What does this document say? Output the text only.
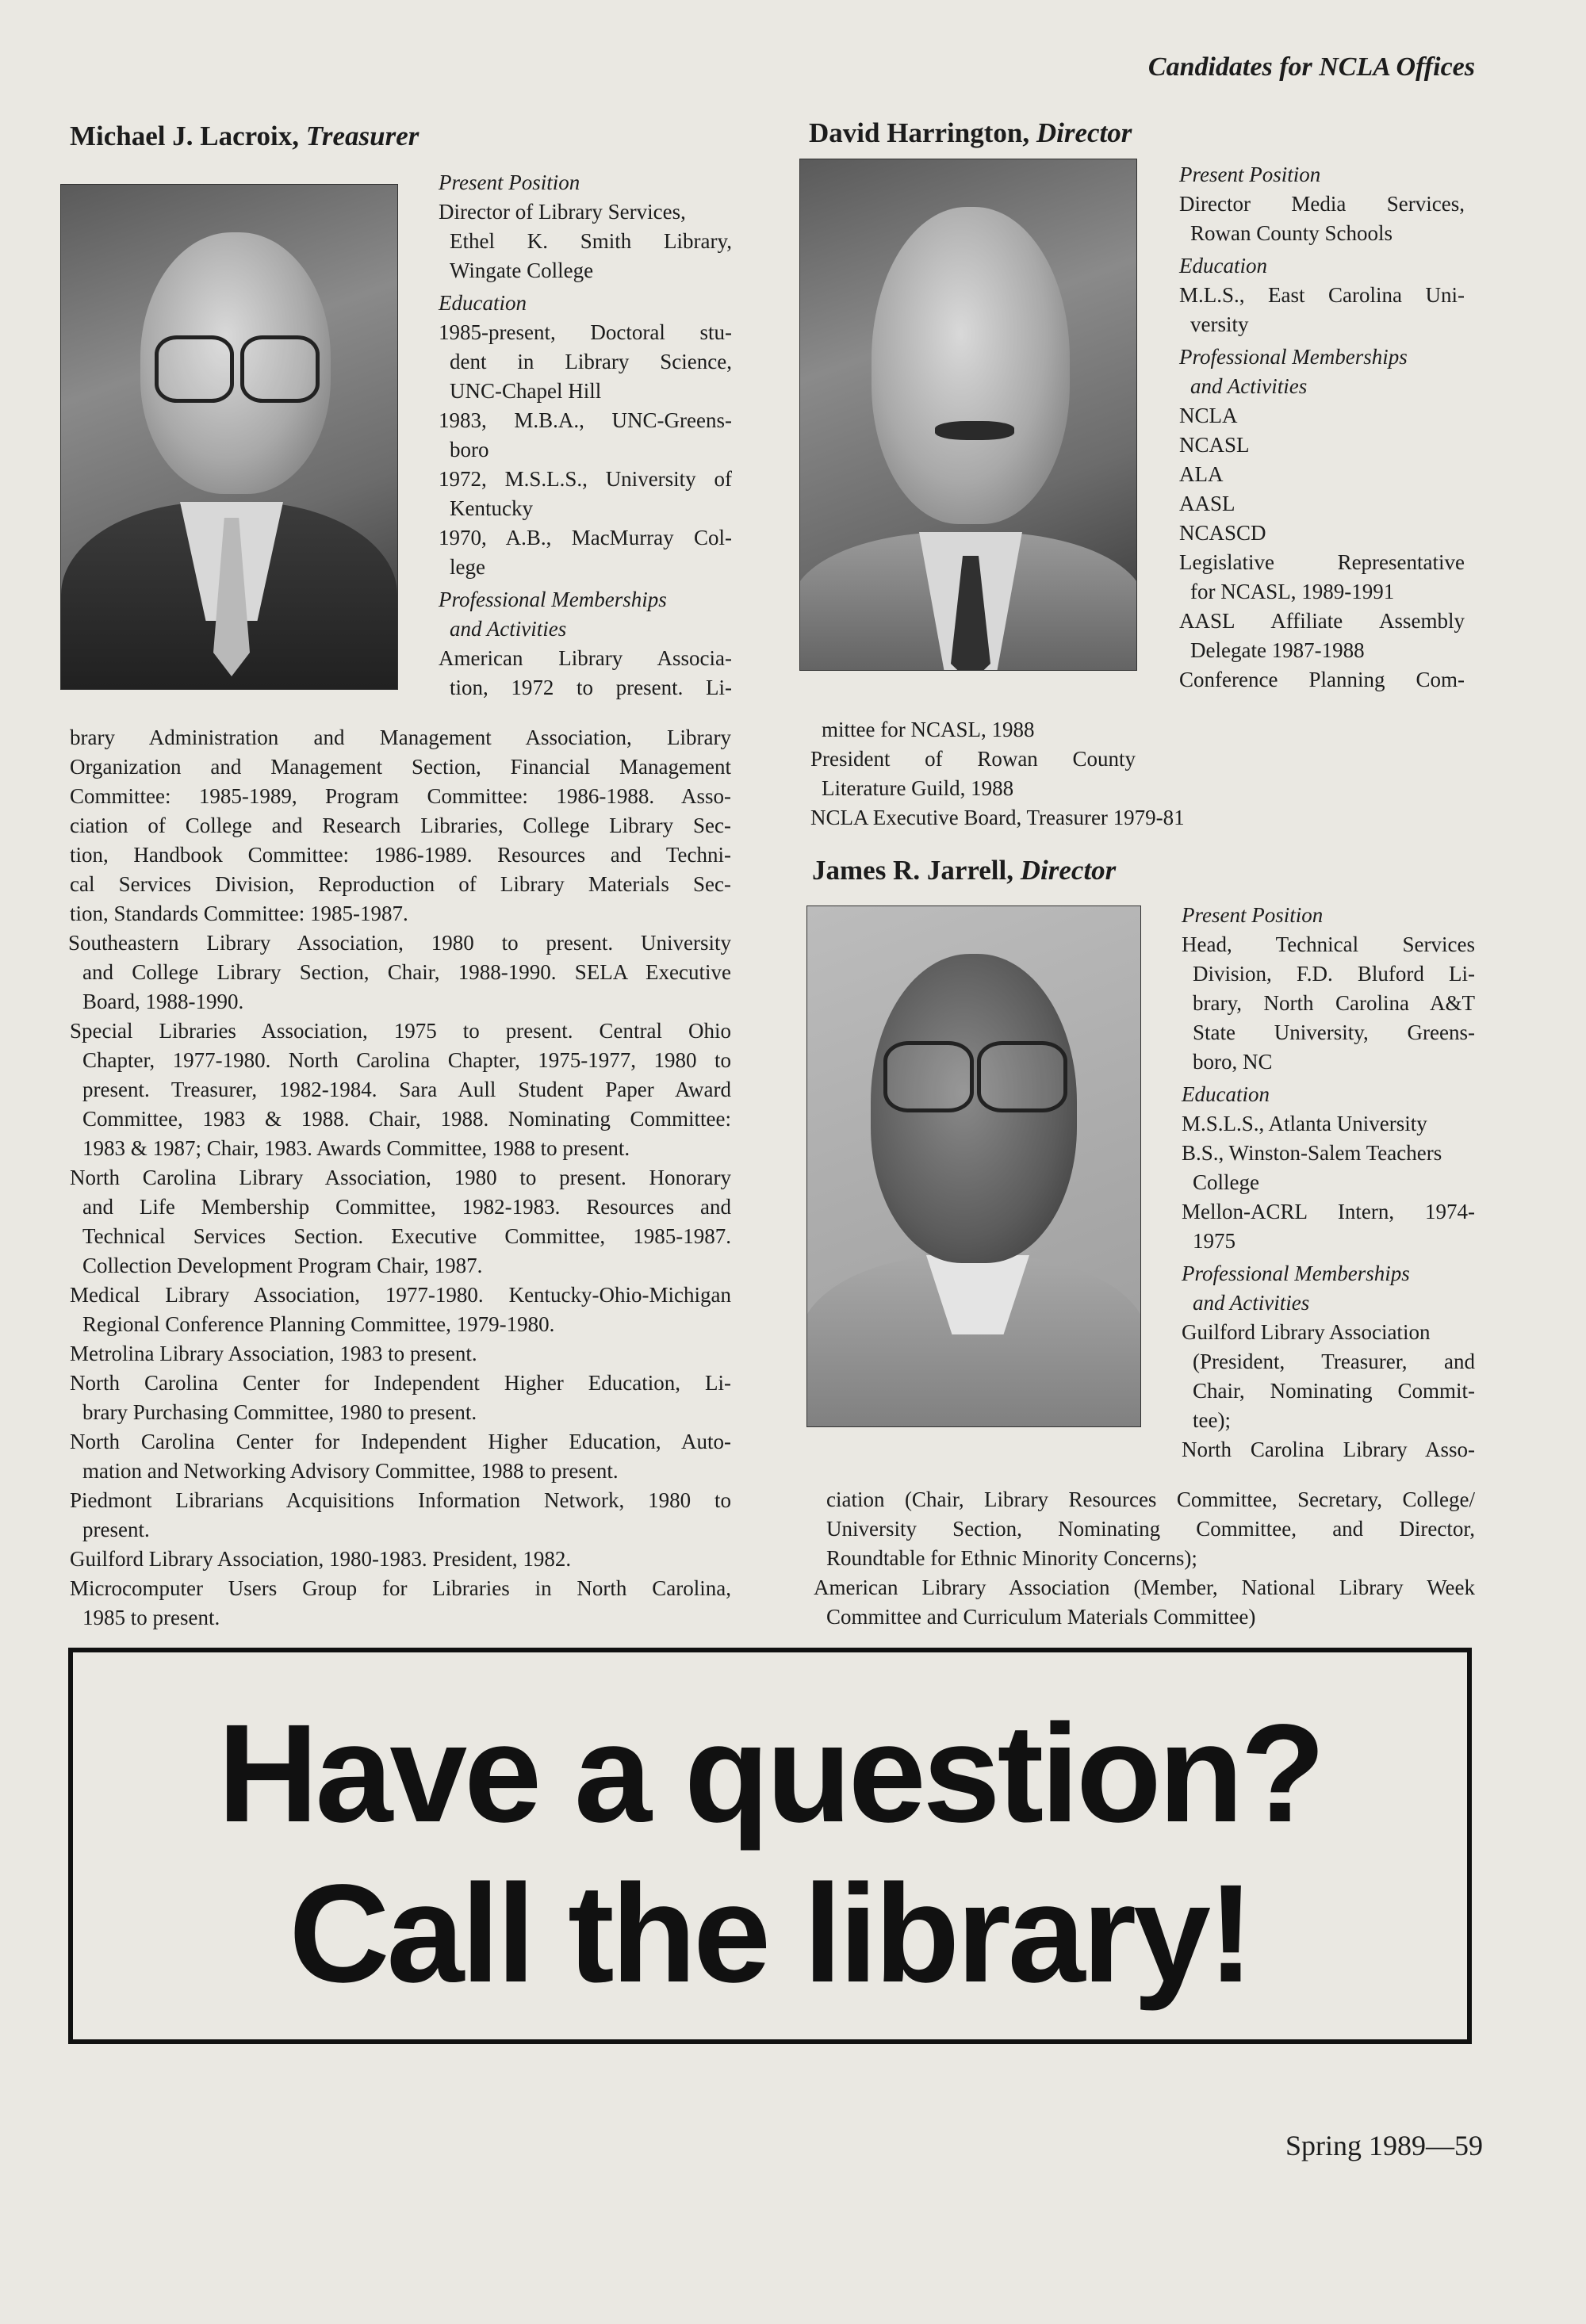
Candidates for NCLA Offices
Michael J. Lacroix, Treasurer
Present Position
Director of Library Services,
Ethel K. Smith Library,
Wingate College
Education
1985-present, Doctoral stu-
dent in Library Science,
UNC-Chapel Hill
1983, M.B.A., UNC-Greens-
boro
1972, M.S.L.S., University of
Kentucky
1970, A.B., MacMurray Col-
lege
Professional Memberships
and Activities
American Library Associa-
tion, 1972 to present. Li-
brary Administration and Management Association, Library
Organization and Management Section, Financial Management
Committee: 1985-1989, Program Committee: 1986-1988. Asso-
ciation of College and Research Libraries, College Library Sec-
tion, Handbook Committee: 1986-1989. Resources and Techni-
cal Services Division, Reproduction of Library Materials Sec-
tion, Standards Committee: 1985-1987.
Southeastern Library Association, 1980 to present. University
and College Library Section, Chair, 1988-1990. SELA Executive
Board, 1988-1990.
Special Libraries Association, 1975 to present. Central Ohio
Chapter, 1977-1980. North Carolina Chapter, 1975-1977, 1980 to
present. Treasurer, 1982-1984. Sara Aull Student Paper Award
Committee, 1983 & 1988. Chair, 1988. Nominating Committee:
1983 & 1987; Chair, 1983. Awards Committee, 1988 to present.
North Carolina Library Association, 1980 to present. Honorary
and Life Membership Committee, 1982-1983. Resources and
Technical Services Section. Executive Committee, 1985-1987.
Collection Development Program Chair, 1987.
Medical Library Association, 1977-1980. Kentucky-Ohio-Michigan
Regional Conference Planning Committee, 1979-1980.
Metrolina Library Association, 1983 to present.
North Carolina Center for Independent Higher Education, Li-
brary Purchasing Committee, 1980 to present.
North Carolina Center for Independent Higher Education, Auto-
mation and Networking Advisory Committee, 1988 to present.
Piedmont Librarians Acquisitions Information Network, 1980 to
present.
Guilford Library Association, 1980-1983. President, 1982.
Microcomputer Users Group for Libraries in North Carolina,
1985 to present.
David Harrington, Director
Present Position
Director Media Services,
Rowan County Schools
Education
M.L.S., East Carolina Uni-
versity
Professional Memberships
and Activities
NCLA
NCASL
ALA
AASL
NCASCD
Legislative Representative
for NCASL, 1989-1991
AASL Affiliate Assembly
Delegate 1987-1988
Conference Planning Com-
mittee for NCASL, 1988
President of Rowan County
Literature Guild, 1988
NCLA Executive Board, Treasurer 1979-81
James R. Jarrell, Director
Present Position
Head, Technical Services
Division, F.D. Bluford Li-
brary, North Carolina A&T
State University, Greens-
boro, NC
Education
M.S.L.S., Atlanta University
B.S., Winston-Salem Teachers
College
Mellon-ACRL Intern, 1974-
1975
Professional Memberships
and Activities
Guilford Library Association
(President, Treasurer, and
Chair, Nominating Commit-
tee);
North Carolina Library Asso-
ciation (Chair, Library Resources Committee, Secretary, College/
University Section, Nominating Committee, and Director,
Roundtable for Ethnic Minority Concerns);
American Library Association (Member, National Library Week
Committee and Curriculum Materials Committee)
Have a question?
Call the library!
Spring 1989—59
